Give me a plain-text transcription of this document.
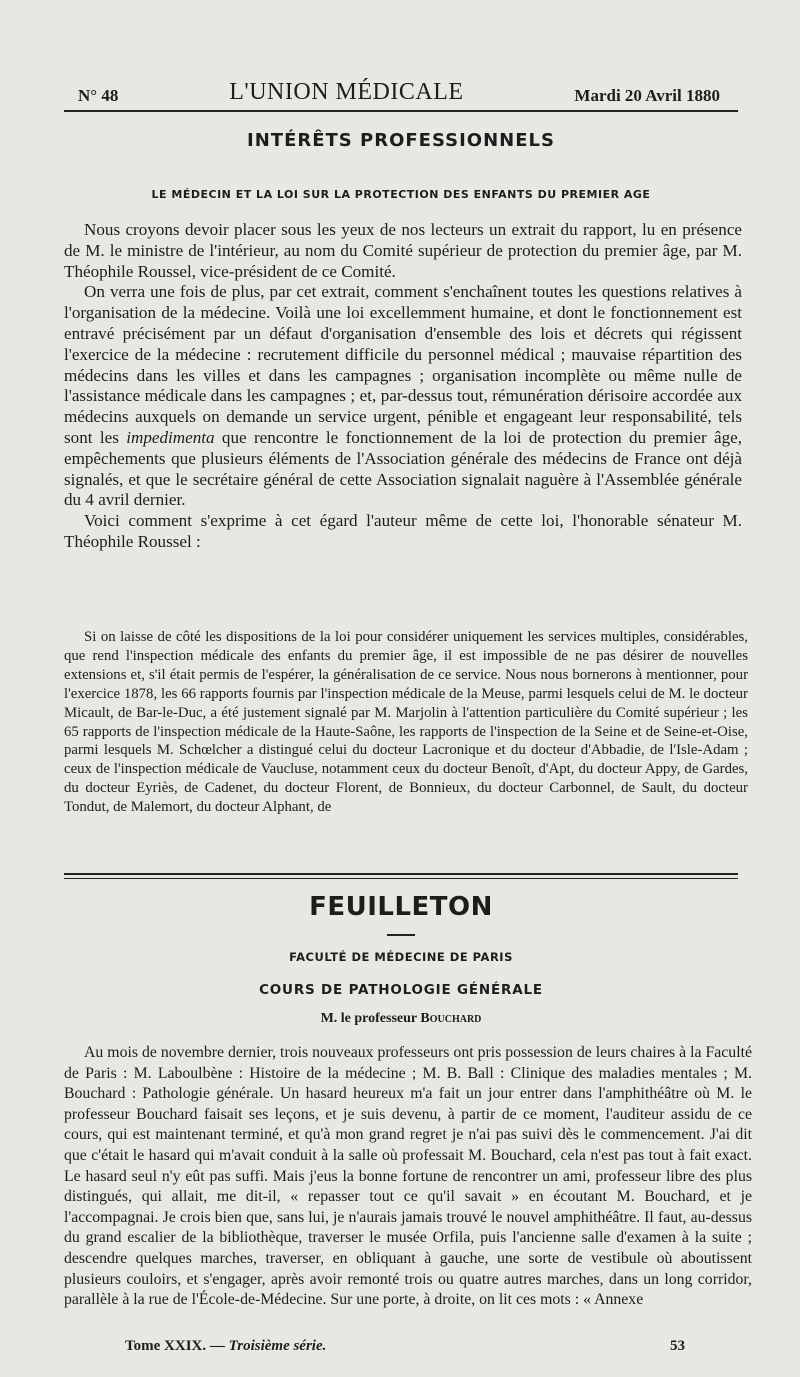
N° 48	L'UNION MÉDICALE	Mardi 20 Avril 1880
INTÉRÊTS PROFESSIONNELS
LE MÉDECIN ET LA LOI SUR LA PROTECTION DES ENFANTS DU PREMIER AGE

Nous croyons devoir placer sous les yeux de nos lecteurs un extrait du rapport, lu en présence de M. le ministre de l'intérieur, au nom du Comité supérieur de protection du premier âge, par M. Théophile Roussel, vice-président de ce Comité.

On verra une fois de plus, par cet extrait, comment s'enchaînent toutes les questions relatives à l'organisation de la médecine. Voilà une loi excellemment humaine, et dont le fonctionnement est entravé précisément par un défaut d'organisation d'ensemble des lois et décrets qui régissent l'exercice de la médecine : recrutement difficile du personnel médical ; mauvaise répartition des médecins dans les villes et dans les campagnes ; organisation incomplète ou même nulle de l'assistance médicale dans les campagnes ; et, par-dessus tout, rémunération dérisoire accordée aux médecins auxquels on demande un service urgent, pénible et engageant leur responsabilité, tels sont les impedimenta que rencontre le fonctionnement de la loi de protection du premier âge, empêchements que plusieurs éléments de l'Association générale des médecins de France ont déjà signalés, et que le secrétaire général de cette Association signalait naguère à l'Assemblée générale du 4 avril dernier.

Voici comment s'exprime à cet égard l'auteur même de cette loi, l'honorable sénateur M. Théophile Roussel :

Si on laisse de côté les dispositions de la loi pour considérer uniquement les services multiples, considérables, que rend l'inspection médicale des enfants du premier âge, il est impossible de ne pas désirer de nouvelles extensions et, s'il était permis de l'espérer, la généralisation de ce service. Nous nous bornerons à mentionner, pour l'exercice 1878, les 66 rapports fournis par l'inspection médicale de la Meuse, parmi lesquels celui de M. le docteur Micault, de Bar-le-Duc, a été justement signalé par M. Marjolin à l'attention particulière du Comité supérieur ; les 65 rapports de l'inspection médicale de la Haute-Saône, les rapports de l'inspection de la Seine et de Seine-et-Oise, parmi lesquels M. Schœlcher a distingué celui du docteur Lacronique et du docteur d'Abbadie, de l'Isle-Adam ; ceux de l'inspection médicale de Vaucluse, notamment ceux du docteur Benoît, d'Apt, du docteur Appy, de Gardes, du docteur Eyriès, de Cadenet, du docteur Florent, de Bonnieux, du docteur Carbonnel, de Sault, du docteur Tondut, de Malemort, du docteur Alphant, de

FEUILLETON
FACULTÉ DE MÉDECINE DE PARIS
COURS DE PATHOLOGIE GÉNÉRALE
M. le professeur Bouchard

Au mois de novembre dernier, trois nouveaux professeurs ont pris possession de leurs chaires à la Faculté de Paris : M. Laboulbène : Histoire de la médecine ; M. B. Ball : Clinique des maladies mentales ; M. Bouchard : Pathologie générale. Un hasard heureux m'a fait un jour entrer dans l'amphithéâtre où M. le professeur Bouchard faisait ses leçons, et je suis devenu, à partir de ce moment, l'auditeur assidu de ce cours, qui est maintenant terminé, et qu'à mon grand regret je n'ai pas suivi dès le commencement. J'ai dit que c'était le hasard qui m'avait conduit à la salle où professait M. Bouchard, cela n'est pas tout à fait exact. Le hasard seul n'y eût pas suffi. Mais j'eus la bonne fortune de rencontrer un ami, professeur libre des plus distingués, qui allait, me dit-il, « repasser tout ce qu'il savait » en écoutant M. Bouchard, et je l'accompagnai. Je crois bien que, sans lui, je n'aurais jamais trouvé le nouvel amphithéâtre. Il faut, au-dessus du grand escalier de la bibliothèque, traverser le musée Orfila, puis l'ancienne salle d'examen à la suite ; descendre quelques marches, traverser, en obliquant à gauche, une sorte de vestibule où aboutissent plusieurs couloirs, et s'engager, après avoir remonté trois ou quatre autres marches, dans un long corridor, parallèle à la rue de l'École-de-Médecine. Sur une porte, à droite, on lit ces mots : « Annexe

Tome XXIX. — Troisième série.	53
